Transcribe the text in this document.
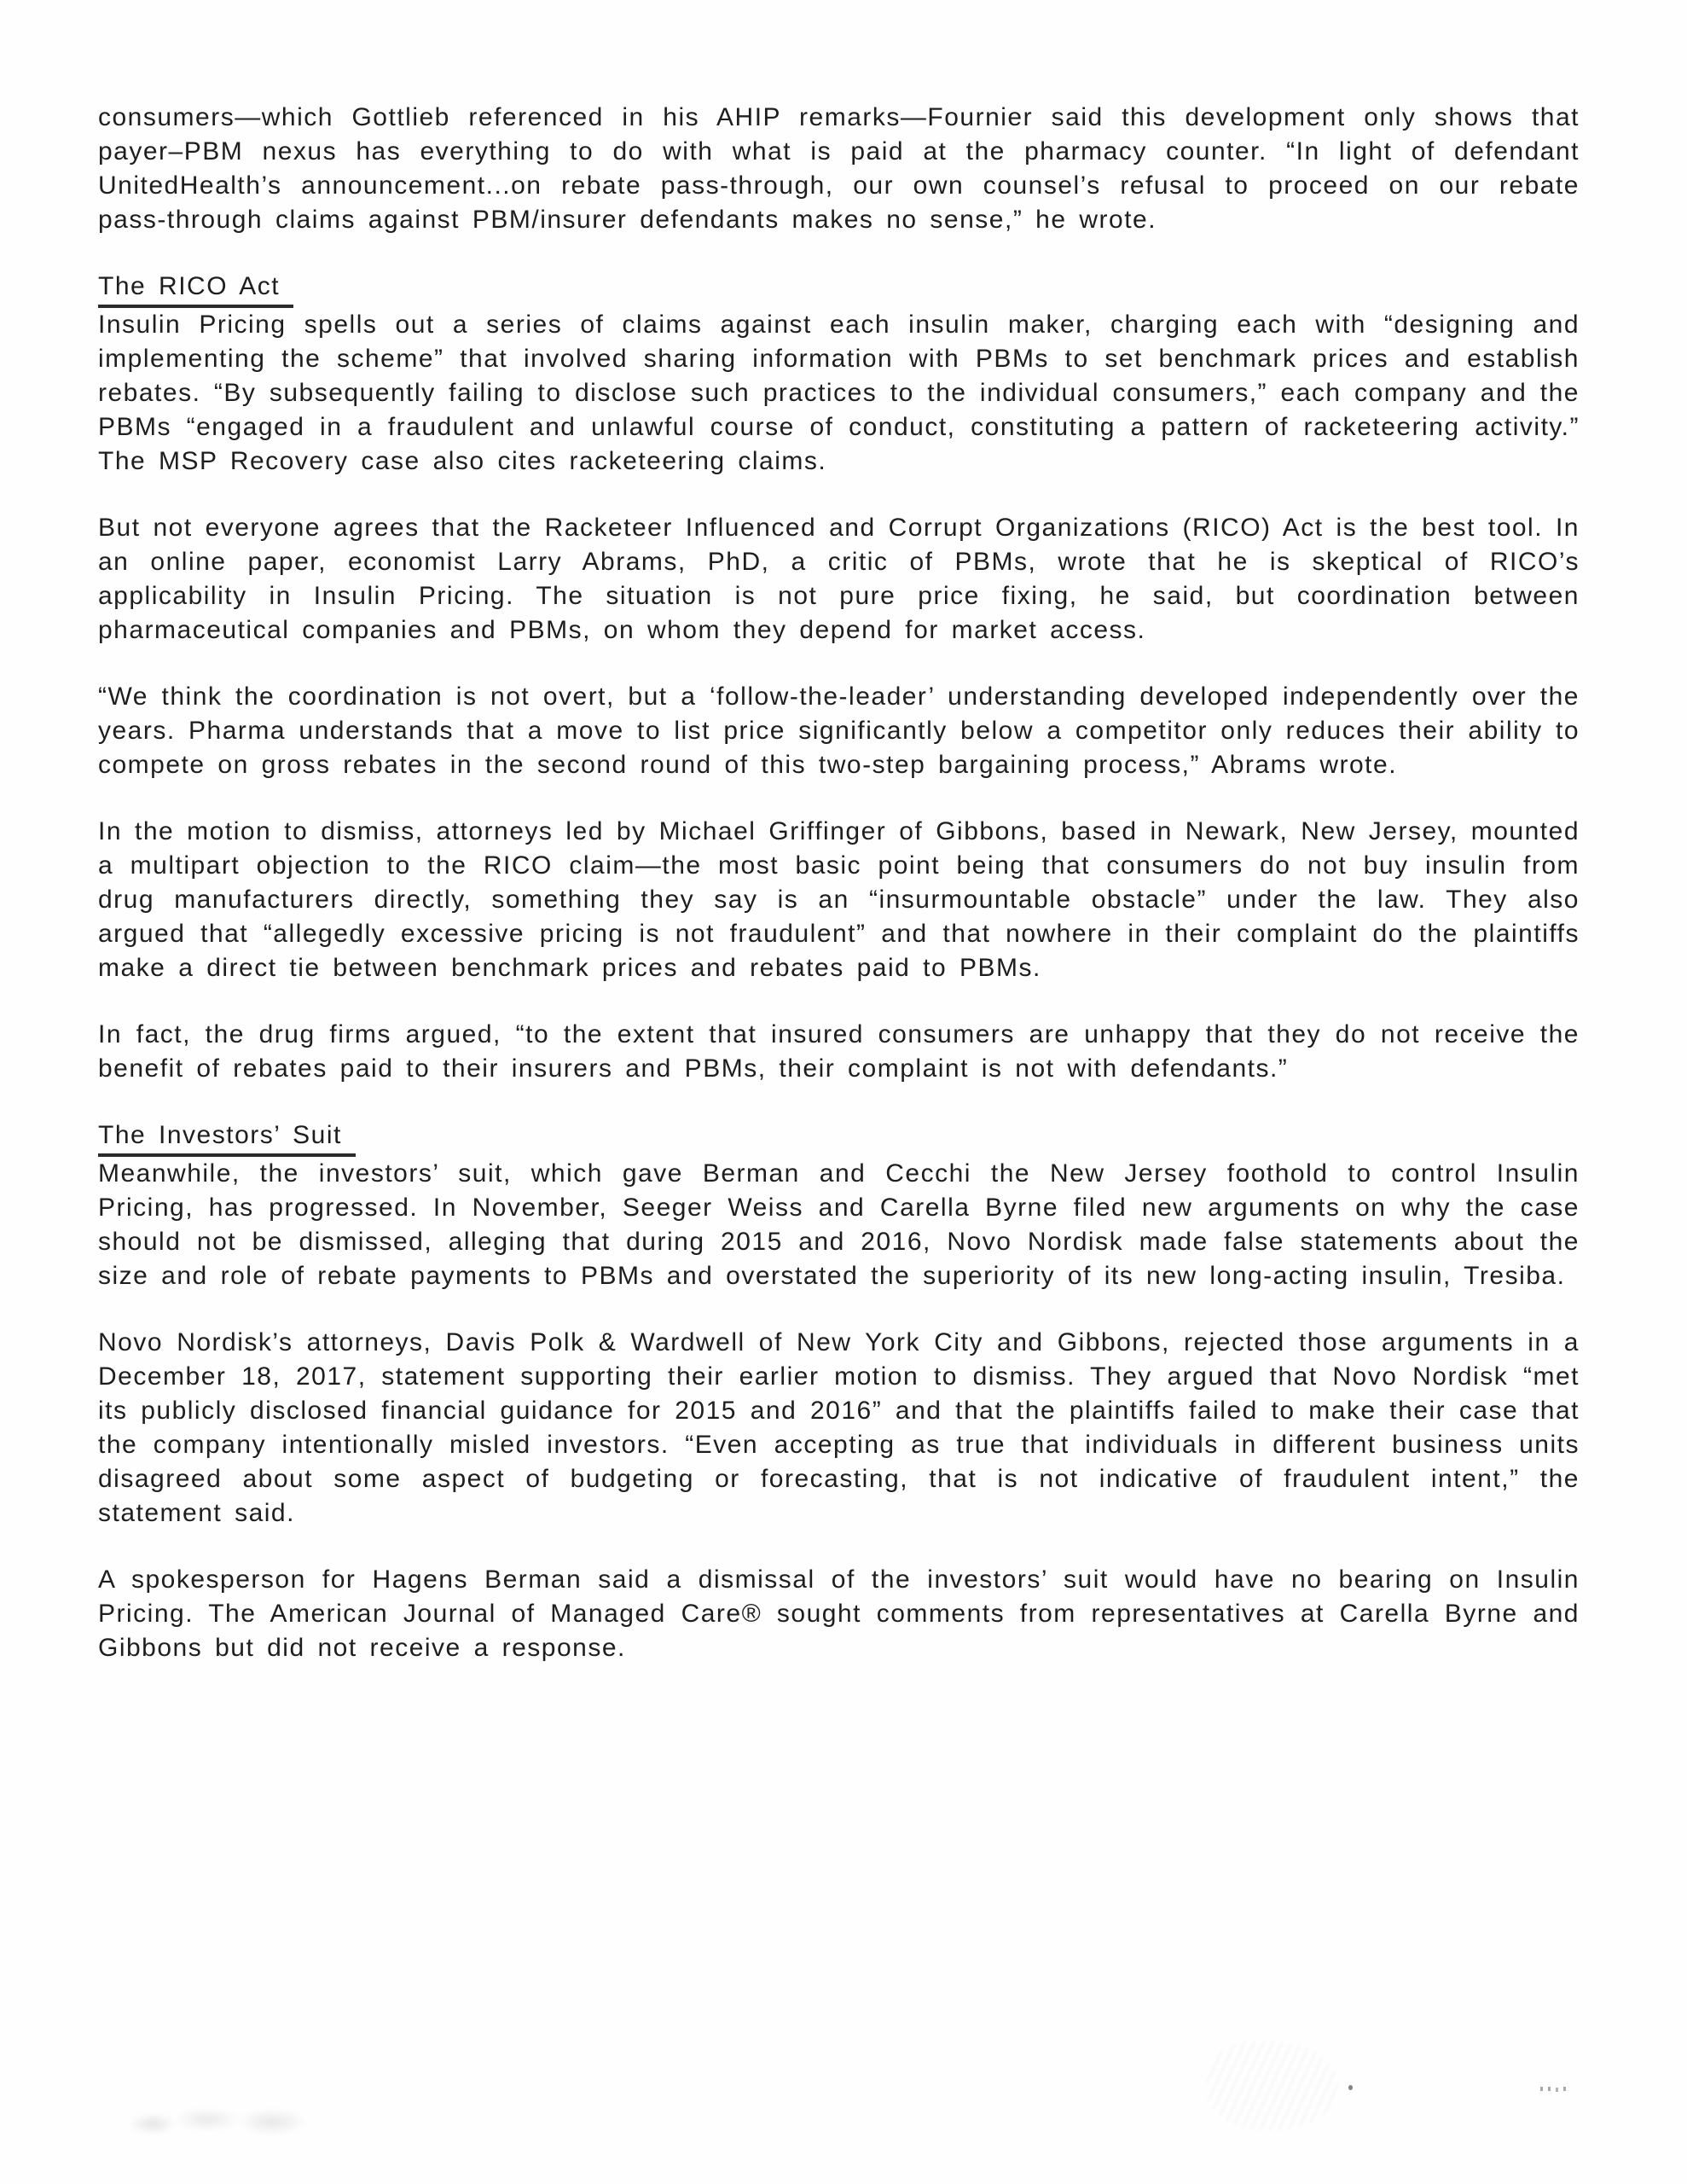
consumers—which Gottlieb referenced in his AHIP remarks—Fournier said this development only shows that payer–PBM nexus has everything to do with what is paid at the pharmacy counter. “In light of defendant UnitedHealth’s announcement...on rebate pass-through, our own counsel’s refusal to proceed on our rebate pass-through claims against PBM/insurer defendants makes no sense,” he wrote.

The RICO Act

Insulin Pricing spells out a series of claims against each insulin maker, charging each with “designing and implementing the scheme” that involved sharing information with PBMs to set benchmark prices and establish rebates. “By subsequently failing to disclose such practices to the individual consumers,” each company and the PBMs “engaged in a fraudulent and unlawful course of conduct, constituting a pattern of racketeering activity.” The MSP Recovery case also cites racketeering claims.

But not everyone agrees that the Racketeer Influenced and Corrupt Organizations (RICO) Act is the best tool. In an online paper, economist Larry Abrams, PhD, a critic of PBMs, wrote that he is skeptical of RICO’s applicability in Insulin Pricing. The situation is not pure price fixing, he said, but coordination between pharmaceutical companies and PBMs, on whom they depend for market access.

“We think the coordination is not overt, but a ‘follow-the-leader’ understanding developed independently over the years. Pharma understands that a move to list price significantly below a competitor only reduces their ability to compete on gross rebates in the second round of this two-step bargaining process,” Abrams wrote.

In the motion to dismiss, attorneys led by Michael Griffinger of Gibbons, based in Newark, New Jersey, mounted a multipart objection to the RICO claim—the most basic point being that consumers do not buy insulin from drug manufacturers directly, something they say is an “insurmountable obstacle” under the law. They also argued that “allegedly excessive pricing is not fraudulent” and that nowhere in their complaint do the plaintiffs make a direct tie between benchmark prices and rebates paid to PBMs.

In fact, the drug firms argued, “to the extent that insured consumers are unhappy that they do not receive the benefit of rebates paid to their insurers and PBMs, their complaint is not with defendants.”

The Investors’ Suit

Meanwhile, the investors’ suit, which gave Berman and Cecchi the New Jersey foothold to control Insulin Pricing, has progressed. In November, Seeger Weiss and Carella Byrne filed new arguments on why the case should not be dismissed, alleging that during 2015 and 2016, Novo Nordisk made false statements about the size and role of rebate payments to PBMs and overstated the superiority of its new long-acting insulin, Tresiba.

Novo Nordisk’s attorneys, Davis Polk & Wardwell of New York City and Gibbons, rejected those arguments in a December 18, 2017, statement supporting their earlier motion to dismiss. They argued that Novo Nordisk “met its publicly disclosed financial guidance for 2015 and 2016” and that the plaintiffs failed to make their case that the company intentionally misled investors. “Even accepting as true that individuals in different business units disagreed about some aspect of budgeting or forecasting, that is not indicative of fraudulent intent,” the statement said.

A spokesperson for Hagens Berman said a dismissal of the investors’ suit would have no bearing on Insulin Pricing. The American Journal of Managed Care® sought comments from representatives at Carella Byrne and Gibbons but did not receive a response.
